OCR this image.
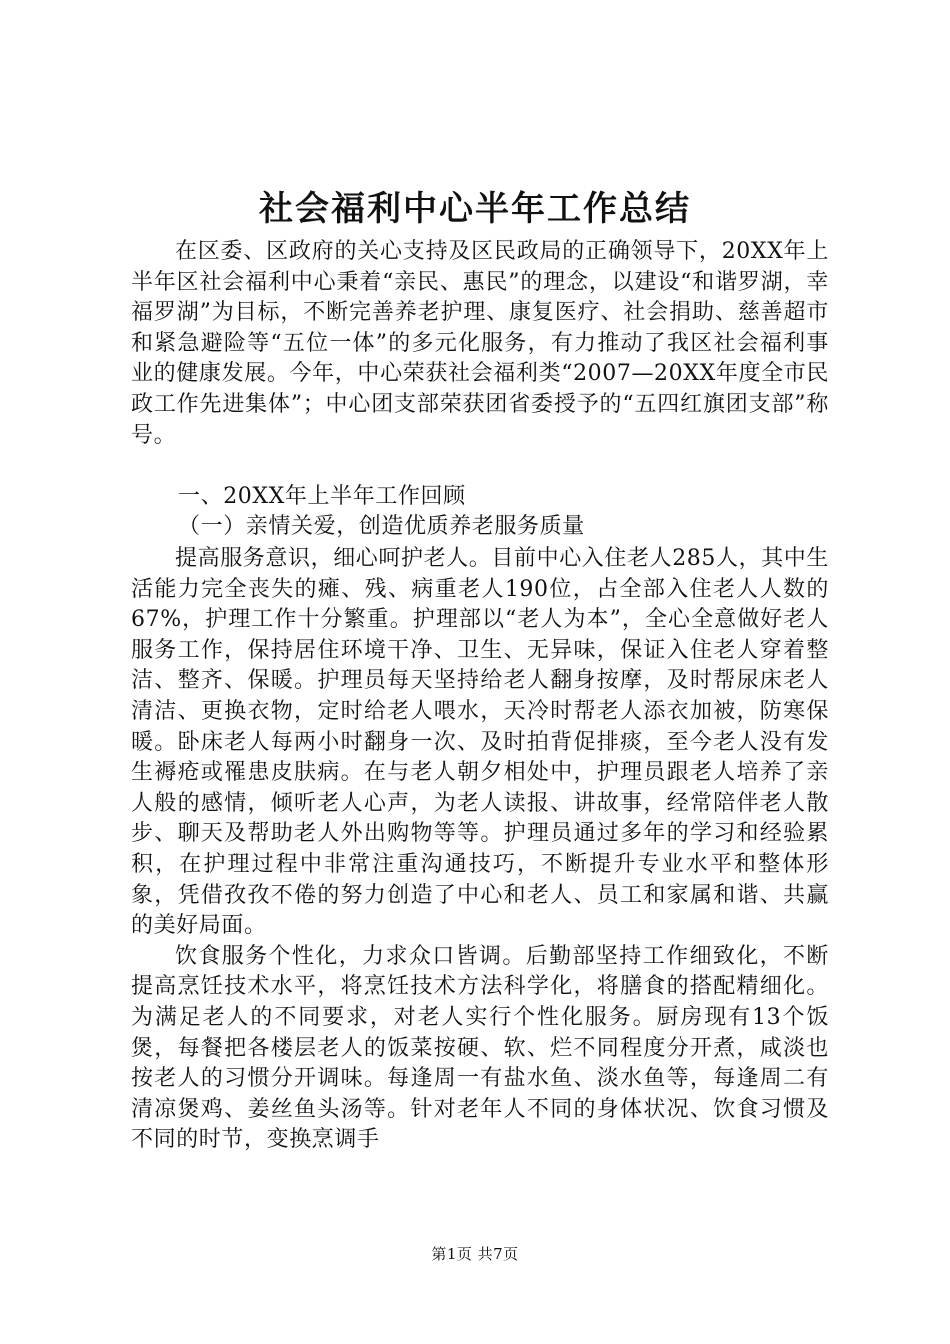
社会福利中心半年工作总结

在区委、区政府的关心支持及区民政局的正确领导下，20XX年上半年区社会福利中心秉着“亲民、惠民”的理念，以建设“和谐罗湖，幸福罗湖”为目标，不断完善养老护理、康复医疗、社会捐助、慈善超市和紧急避险等“五位一体”的多元化服务，有力推动了我区社会福利事业的健康发展。今年，中心荣获社会福利类“2007—20XX年度全市民政工作先进集体”；中心团支部荣获团省委授予的“五四红旗团支部”称号。

一、20XX年上半年工作回顾
（一）亲情关爱，创造优质养老服务质量

提高服务意识，细心呵护老人。目前中心入住老人285人，其中生活能力完全丧失的瘫、残、病重老人190位，占全部入住老人人数的67%，护理工作十分繁重。护理部以“老人为本”，全心全意做好老人服务工作，保持居住环境干净、卫生、无异味，保证入住老人穿着整洁、整齐、保暖。护理员每天坚持给老人翻身按摩，及时帮尿床老人清洁、更换衣物，定时给老人喂水，天冷时帮老人添衣加被，防寒保暖。卧床老人每两小时翻身一次、及时拍背促排痰，至今老人没有发生褥疮或罹患皮肤病。在与老人朝夕相处中，护理员跟老人培养了亲人般的感情，倾听老人心声，为老人读报、讲故事，经常陪伴老人散步、聊天及帮助老人外出购物等等。护理员通过多年的学习和经验累积，在护理过程中非常注重沟通技巧，不断提升专业水平和整体形象，凭借孜孜不倦的努力创造了中心和老人、员工和家属和谐、共赢的美好局面。

饮食服务个性化，力求众口皆调。后勤部坚持工作细致化，不断提高烹饪技术水平，将烹饪技术方法科学化，将膳食的搭配精细化。为满足老人的不同要求，对老人实行个性化服务。厨房现有13个饭煲，每餐把各楼层老人的饭菜按硬、软、烂不同程度分开煮，咸淡也按老人的习惯分开调味。每逢周一有盐水鱼、淡水鱼等，每逢周二有清凉煲鸡、姜丝鱼头汤等。针对老年人不同的身体状况、饮食习惯及不同的时节，变换烹调手

第1页 共7页
